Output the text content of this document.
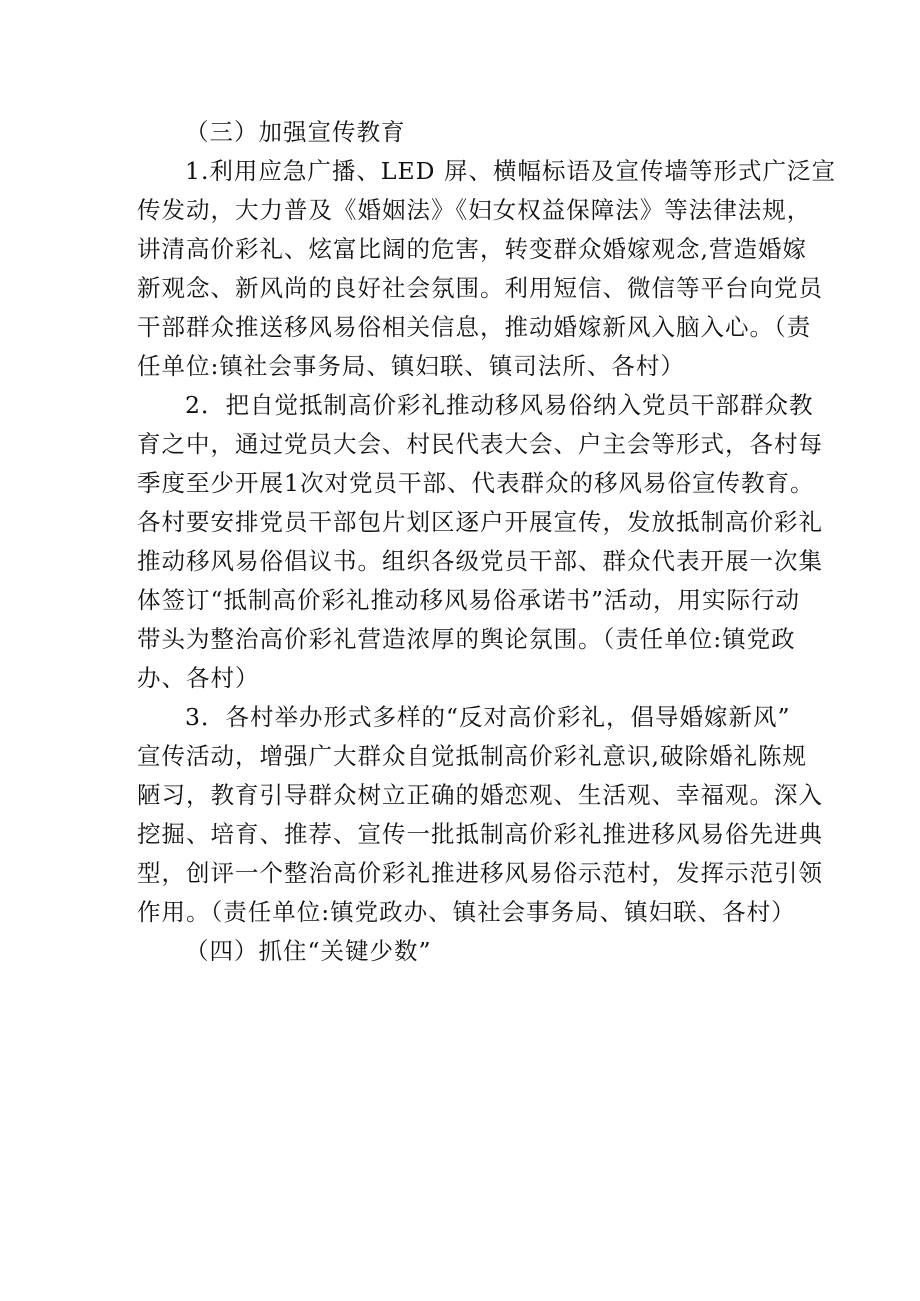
（三）加强宣传教育

1.利用应急广播、LED 屏、横幅标语及宣传墙等形式广泛宣
传发动，大力普及《婚姻法》《妇女权益保障法》等法律法规，
讲清高价彩礼、炫富比阔的危害，转变群众婚嫁观念,营造婚嫁
新观念、新风尚的良好社会氛围。利用短信、微信等平台向党员
干部群众推送移风易俗相关信息，推动婚嫁新风入脑入心。（责
任单位:镇社会事务局、镇妇联、镇司法所、各村）

2．把自觉抵制高价彩礼推动移风易俗纳入党员干部群众教
育之中，通过党员大会、村民代表大会、户主会等形式，各村每
季度至少开展1次对党员干部、代表群众的移风易俗宣传教育。
各村要安排党员干部包片划区逐户开展宣传，发放抵制高价彩礼
推动移风易俗倡议书。组织各级党员干部、群众代表开展一次集
体签订“抵制高价彩礼推动移风易俗承诺书”活动，用实际行动
带头为整治高价彩礼营造浓厚的舆论氛围。（责任单位:镇党政
办、各村）

3．各村举办形式多样的“反对高价彩礼，倡导婚嫁新风”
宣传活动，增强广大群众自觉抵制高价彩礼意识,破除婚礼陈规
陋习，教育引导群众树立正确的婚恋观、生活观、幸福观。深入
挖掘、培育、推荐、宣传一批抵制高价彩礼推进移风易俗先进典
型，创评一个整治高价彩礼推进移风易俗示范村，发挥示范引领
作用。（责任单位:镇党政办、镇社会事务局、镇妇联、各村）

（四）抓住“关键少数”
